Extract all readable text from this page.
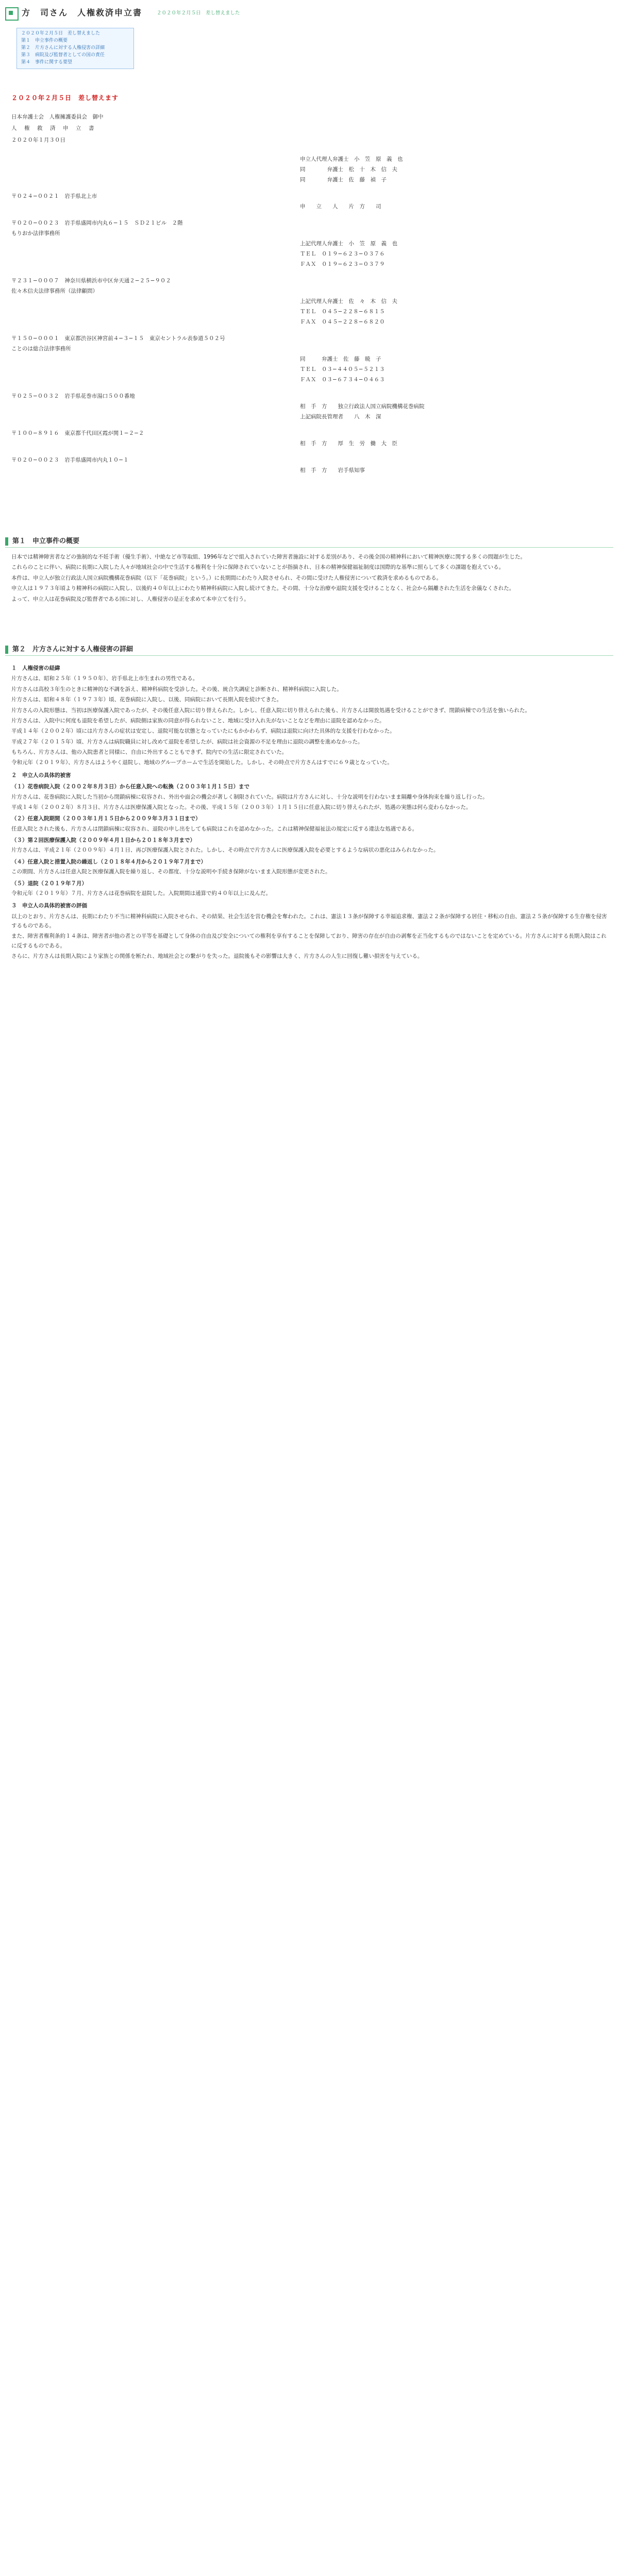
方　司さん　人権救済申立書	２０２０年２月５日　差し替えました
２０２０年２月５日　差し替えました
第１　申立事件の概要
第２　片方さんに対する人権侵害の詳細
第３　病院及び監督者としての国の責任
第４　事件に関する要望
２０２０年２月５日　差し替えます
日本弁護士会　人権擁護委員会　御中
人　権　救　済　申　立　書
２０２０年１月３０日
申立人代理人弁護士　小　笠　原　義　也
同　　　　弁護士　松　十　木　信　夫
同　　　　弁護士　佐　藤　禎　子
〒０２４−００２１　岩手県北上市
申　　立　　人　　片　方　　司
〒０２０−００２３　岩手県盛岡市内丸６−１５　ＳＤ２１ビル　２階
もりおか法律事務所
上記代理人弁護士　小　笠　原　義　也
ＴＥＬ　０１９−６２３−０３７６
ＦＡＸ　０１９−６２３−０３７９
〒２３１−０００７　神奈川県横浜市中区弁天通２−２５−９０２
佐々木信夫法律事務所（法律顧問）
上記代理人弁護士　佐　々　木　信　夫
ＴＥＬ　０４５−２２８−６８１５
ＦＡＸ　０４５−２２８−６８２０
〒１５０−０００１　東京都渋谷区神宮前４−３−１５　東京セントラル表参道５０２号
ことのは総合法律事務所
同　　　弁護士　佐　藤　暁　子
ＴＥＬ　０３−４４０５−５２１３
ＦＡＸ　０３−６７３４−０４６３
〒０２５−００３２　岩手県花巻市湯口５００番地
相　手　方　　独立行政法人国立病院機構花巻病院
上記病院長管理者　　八　木　深
〒１００−８９１６　東京都千代田区霞が関１−２−２
相　手　方　　厚　生　労　働　大　臣
〒０２０−００２３　岩手県盛岡市内丸１０−１
相　手　方　　岩手県知事
第１　申立事件の概要

日本では精神障害者などの強制的な不妊手術（優生手術）、中絶など市等取組、1996年などで組入されていた障害者施設に対する差別があり、その後全国の精神科において精神医療に関する多くの問題が生じた。

これらのことに伴い、病院に長期に入院した人々が地域社会の中で生活する権利を十分に保障されていないことが指摘され、日本の精神保健福祉制度は国際的な基準に照らして多くの課題を抱えている。

本件は、申立人が独立行政法人国立病院機構花巻病院（以下「花巻病院」という。）に長期間にわたり入院させられ、その間に受けた人権侵害について救済を求めるものである。

申立人は１９７３年頃より精神科の病院に入院し、以後約４０年以上にわたり精神科病院に入院し続けてきた。その間、十分な治療や退院支援を受けることなく、社会から隔離された生活を余儀なくされた。

よって、申立人は花巻病院及び監督者である国に対し、人権侵害の是正を求めて本申立てを行う。

第２　片方さんに対する人権侵害の詳細
１　人権侵害の経緯

片方さんは、昭和２５年（１９５０年）、岩手県北上市生まれの男性である。

片方さんは高校３年生のときに精神的な不調を訴え、精神科病院を受診した。その後、統合失調症と診断され、精神科病院に入院した。

片方さんは、昭和４８年（１９７３年）頃、花巻病院に入院し、以後、同病院において長期入院を続けてきた。

片方さんの入院形態は、当初は医療保護入院であったが、その後任意入院に切り替えられた。しかし、任意入院に切り替えられた後も、片方さんは開放処遇を受けることができず、閉鎖病棟での生活を強いられた。

片方さんは、入院中に何度も退院を希望したが、病院側は家族の同意が得られないこと、地域に受け入れ先がないことなどを理由に退院を認めなかった。

平成１４年（２００２年）頃には片方さんの症状は安定し、退院可能な状態となっていたにもかかわらず、病院は退院に向けた具体的な支援を行わなかった。

平成２７年（２０１５年）頃、片方さんは病院職員に対し改めて退院を希望したが、病院は社会資源の不足を理由に退院の調整を進めなかった。

もちろん、片方さんは、他の入院患者と同様に、自由に外出することもできず、院内での生活に限定されていた。

令和元年（２０１９年）、片方さんはようやく退院し、地域のグループホームで生活を開始した。しかし、その時点で片方さんはすでに６９歳となっていた。

２　申立人の具体的被害

（１）花巻病院入院（２００２年８月３日）から任意入院への転換（２００３年１月１５日）まで

片方さんは、花巻病院に入院した当初から閉鎖病棟に収容され、外出や面会の機会が著しく制限されていた。病院は片方さんに対し、十分な説明を行わないまま隔離や身体拘束を繰り返し行った。

平成１４年（２００２年）８月３日、片方さんは医療保護入院となった。その後、平成１５年（２００３年）１月１５日に任意入院に切り替えられたが、処遇の実態は何ら変わらなかった。

（２）任意入院期間（２００３年１月１５日から２００９年３月３１日まで）

任意入院とされた後も、片方さんは閉鎖病棟に収容され、退院の申し出をしても病院はこれを認めなかった。これは精神保健福祉法の規定に反する違法な処遇である。

（３）第２回医療保護入院（２００９年４月１日から２０１８年３月まで）

片方さんは、平成２１年（２００９年）４月１日、再び医療保護入院とされた。しかし、その時点で片方さんに医療保護入院を必要とするような病状の悪化はみられなかった。

（４）任意入院と措置入院の繰返し（２０１８年４月から２０１９年７月まで）

この期間、片方さんは任意入院と医療保護入院を繰り返し、その都度、十分な説明や手続き保障がないまま入院形態が変更された。

（５）退院（２０１９年７月）

令和元年（２０１９年）７月、片方さんは花巻病院を退院した。入院期間は通算で約４０年以上に及んだ。

３　申立人の具体的被害の評価

以上のとおり、片方さんは、長期にわたり不当に精神科病院に入院させられ、その結果、社会生活を営む機会を奪われた。これは、憲法１３条が保障する幸福追求権、憲法２２条が保障する居住・移転の自由、憲法２５条が保障する生存権を侵害するものである。

また、障害者権利条約１４条は、障害者が他の者との平等を基礎として身体の自由及び安全についての権利を享有することを保障しており、障害の存在が自由の剥奪を正当化するものではないことを定めている。片方さんに対する長期入院はこれに反するものである。

さらに、片方さんは長期入院により家族との関係を断たれ、地域社会との繋がりを失った。退院後もその影響は大きく、片方さんの人生に回復し難い損害を与えている。
